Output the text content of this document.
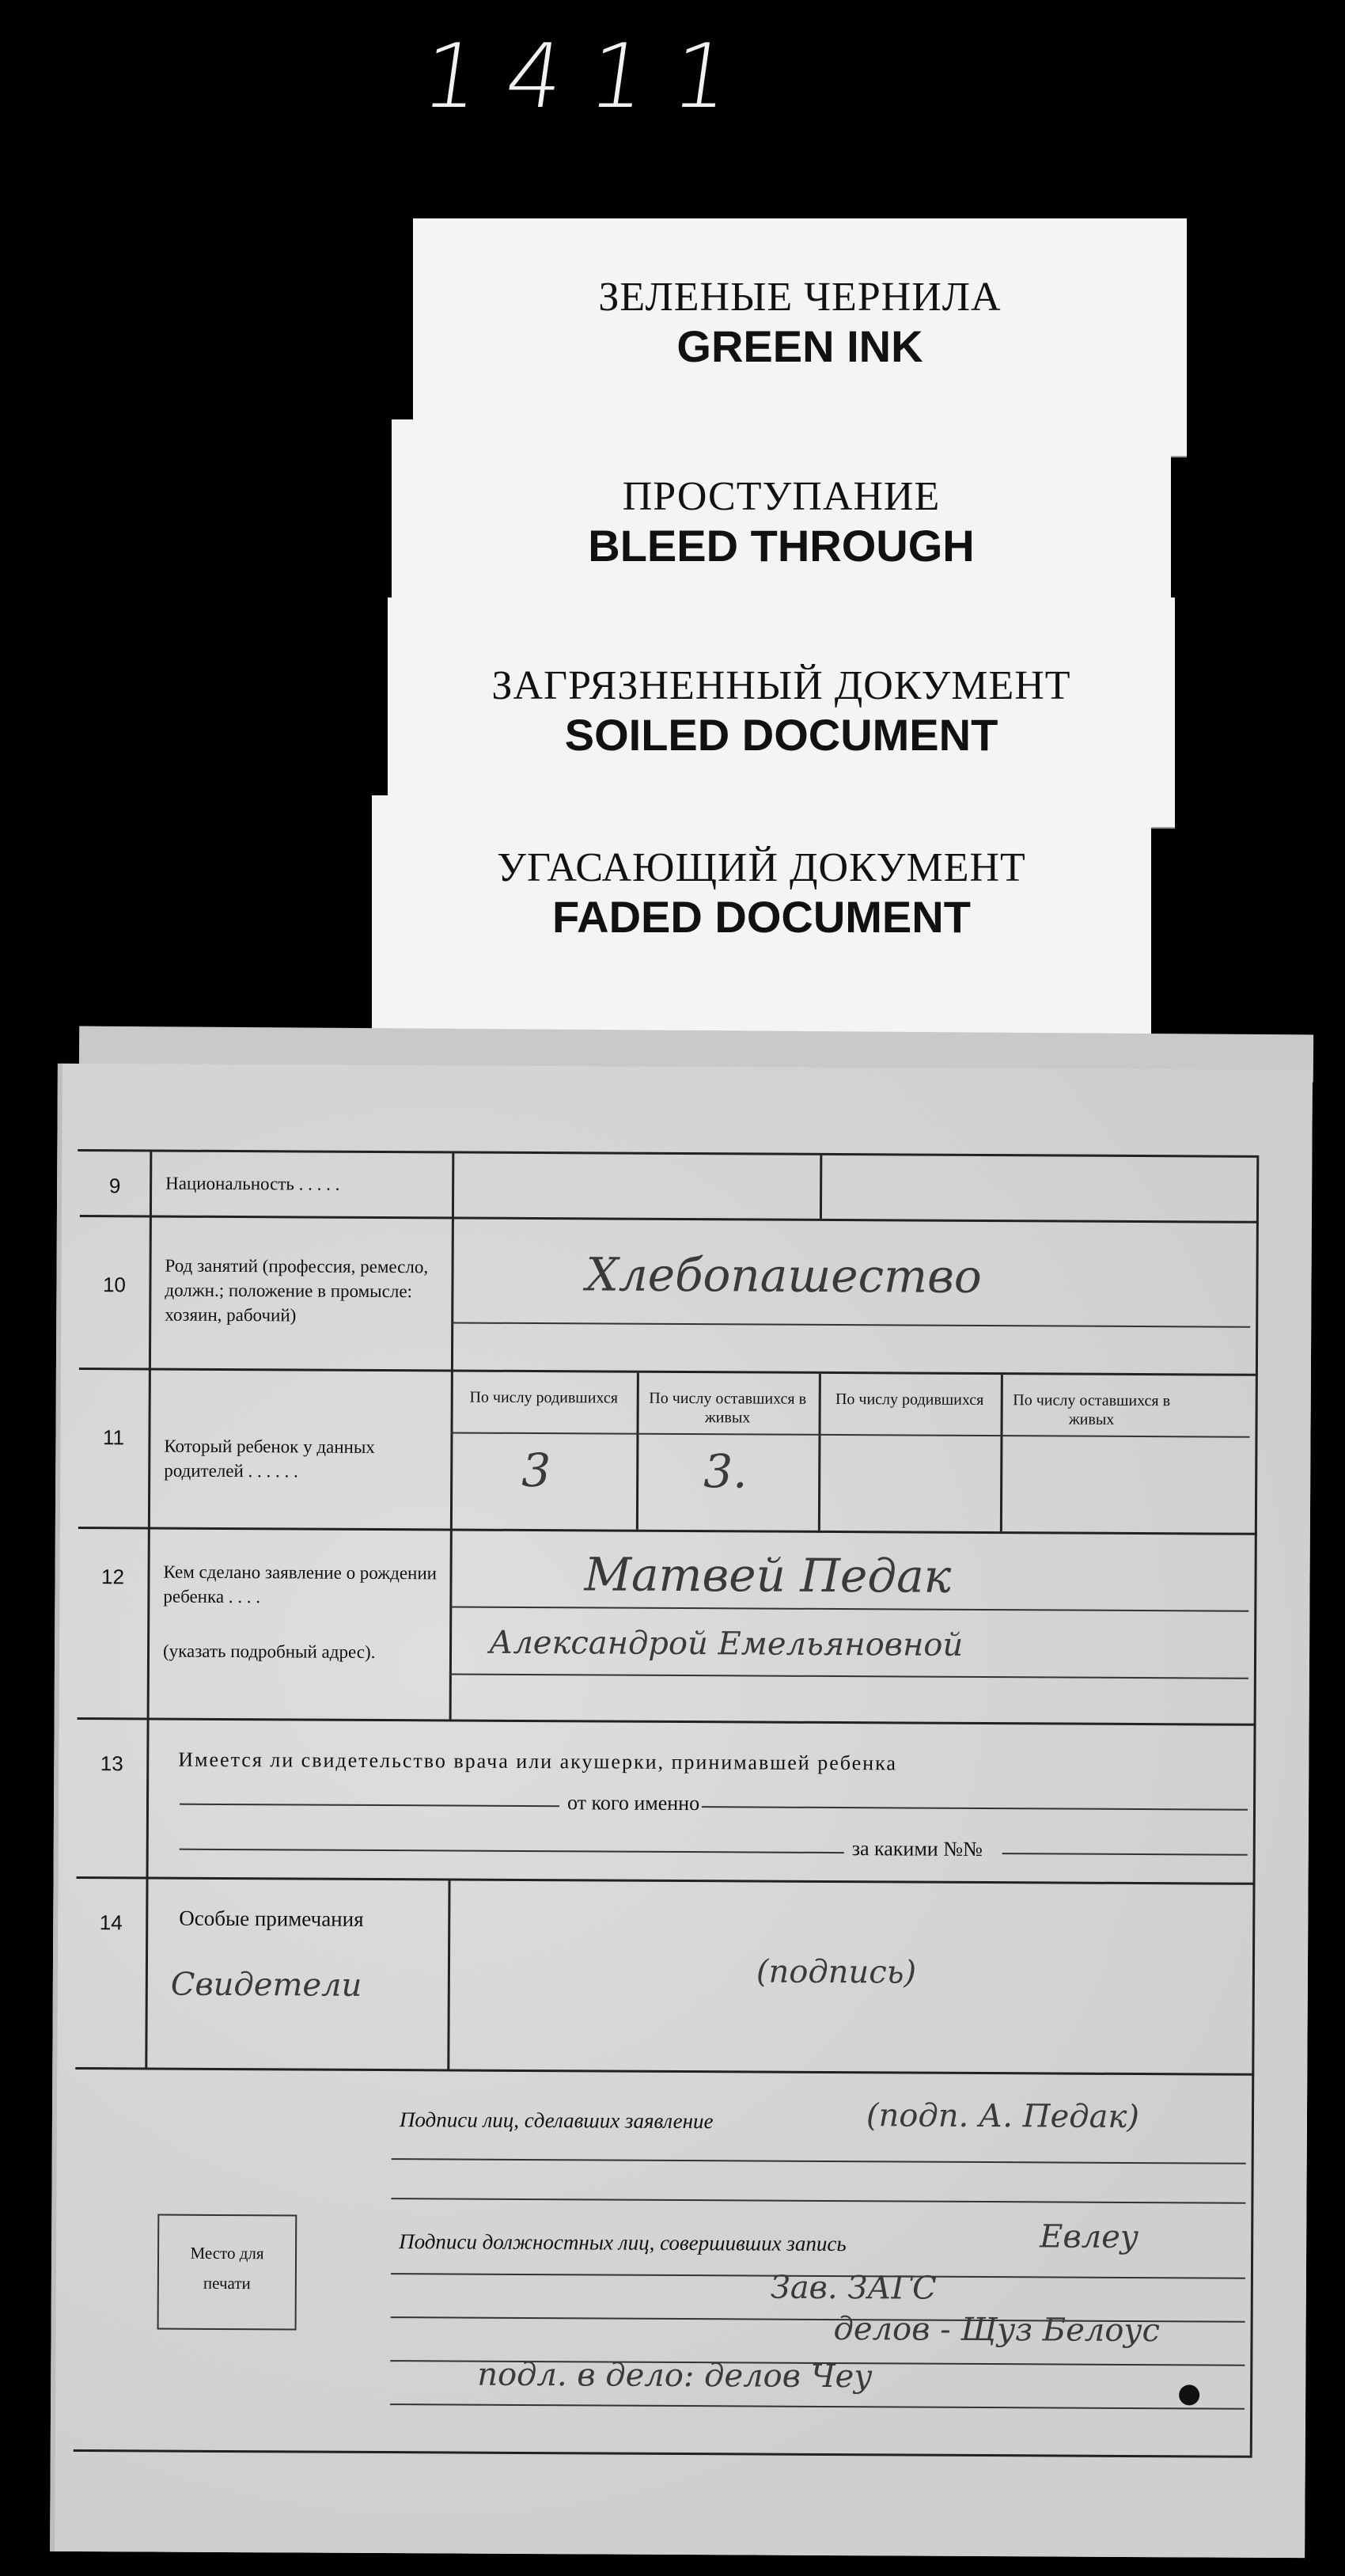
1411
ЗЕЛЕНЫЕ ЧЕРНИЛА
GREEN INK
ПРОСТУПАНИЕ
BLEED THROUGH
ЗАГРЯЗНЕННЫЙ ДОКУМЕНТ
SOILED DOCUMENT
УГАСАЮЩИЙ ДОКУМЕНТ
FADED DOCUMENT
9	Национальность . . . . .
10
Род занятий (професcия, ремесло, должн.; положение в промысле: хозяин, рабочий)
Хлебопашество
11	Который ребенок у данных родителей . . . . . .
По числу родившихся	По числу оставшихся в живых
По числу родившихся	По числу оставшихся в живых
3	3.
12	Кем сделано заявление о рождении ребенка . . . .
(указать подробный адрес).
Матвей Педак
Александрой Емельяновной
13	Имеется ли свидетельство врача или акушерки, принимавшей ребенка
от кого именно
за какими №№
14	Особые примечания
Свидетели	(подпись)
Подписи лиц, сделавших заявление	(подп. А. Педак)
Место для печати
Подписи должностных лиц, совершивших запись	Евлеу
Зав. ЗАГС
делов - Щуз Белоус
подл. в дело: делов Чеу
